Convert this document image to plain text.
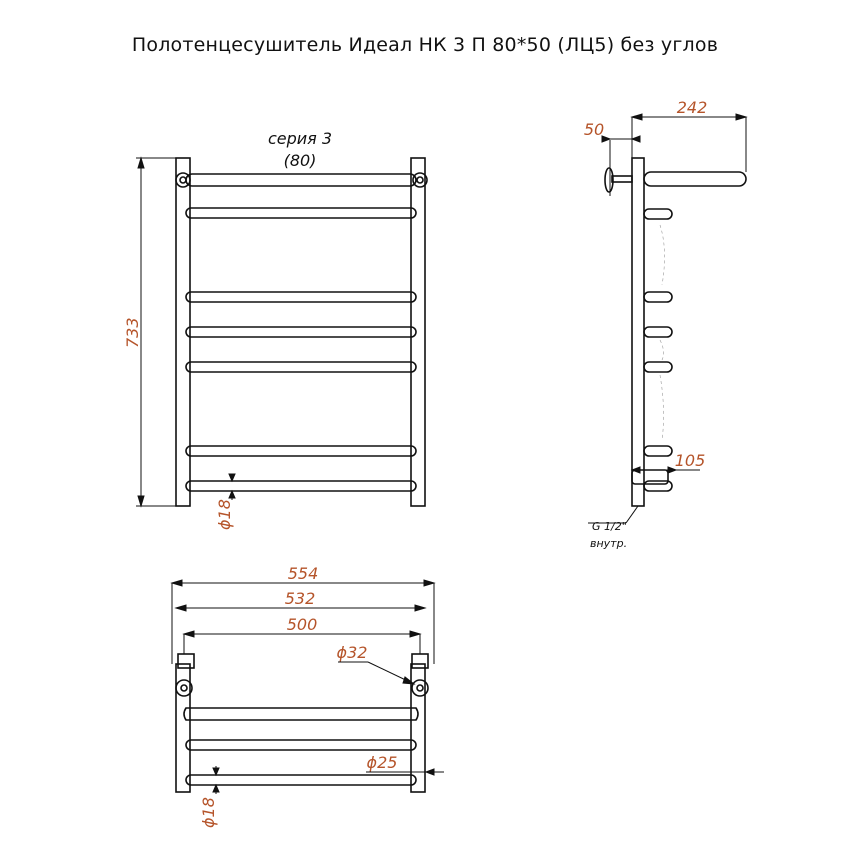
Полотенцесушитель Идеал НК 3 П 80*50 (ЛЦ5) без углов
733
серия 3
(80)
ϕ18
242
50
105
G 1/2"
внутр.
554
532
500
ϕ32
ϕ25
ϕ18
